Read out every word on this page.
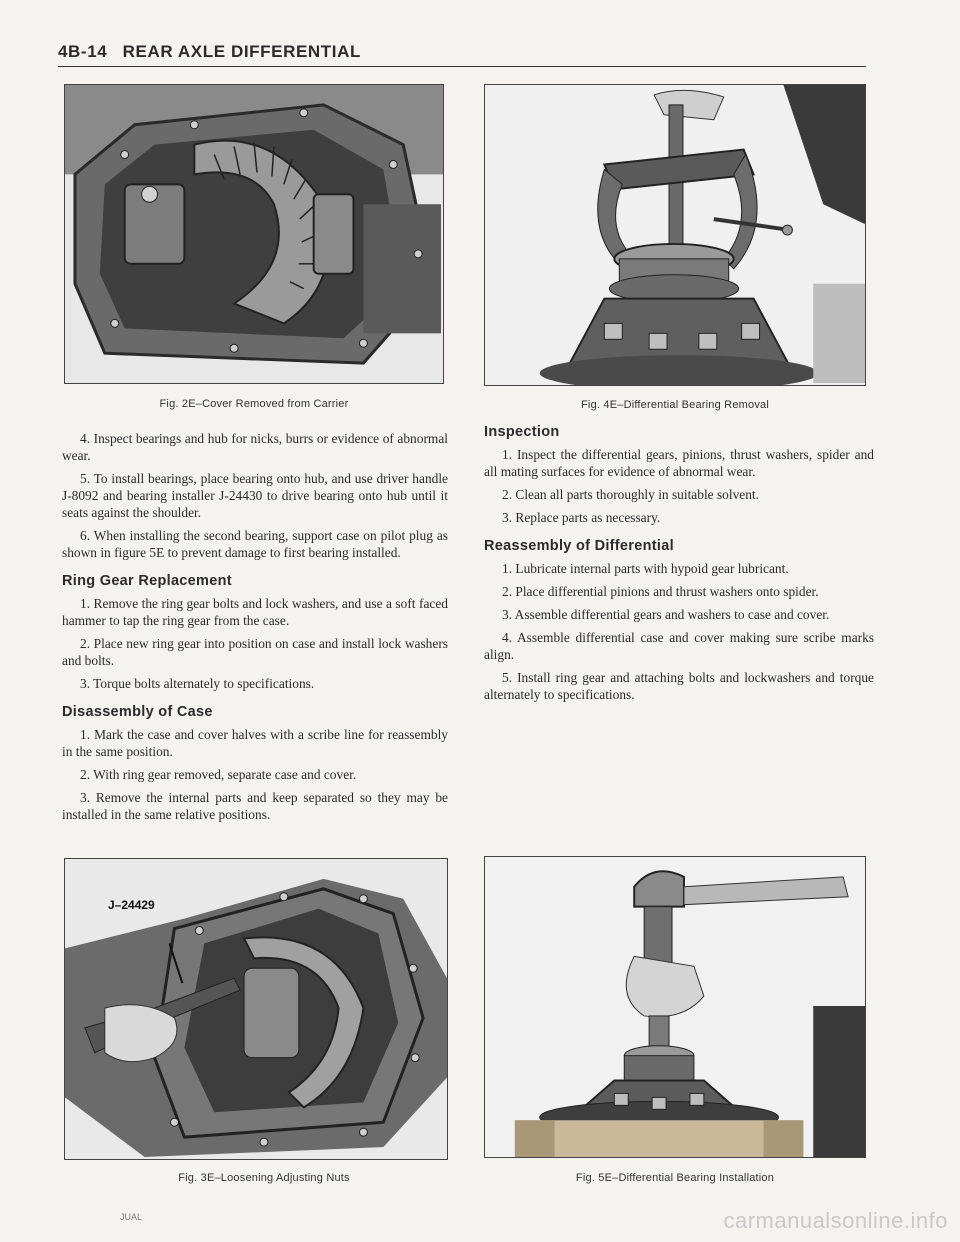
4B-14 REAR AXLE DIFFERENTIAL
Fig. 2E–Cover Removed from Carrier	Fig. 4E–Differential Bearing Removal

4. Inspect bearings and hub for nicks, burrs or evidence of abnormal wear.

5. To install bearings, place bearing onto hub, and use driver handle J-8092 and bearing installer J-24430 to drive bearing onto hub until it seats against the shoulder.

6. When installing the second bearing, support case on pilot plug as shown in figure 5E to prevent damage to first bearing installed.

Ring Gear Replacement

1. Remove the ring gear bolts and lock washers, and use a soft faced hammer to tap the ring gear from the case.

2. Place new ring gear into position on case and install lock washers and bolts.

3. Torque bolts alternately to specifications.

Disassembly of Case

1. Mark the case and cover halves with a scribe line for reassembly in the same position.

2. With ring gear removed, separate case and cover.

3. Remove the internal parts and keep separated so they may be installed in the same relative positions.

Inspection

1. Inspect the differential gears, pinions, thrust washers, spider and all mating surfaces for evidence of abnormal wear.

2. Clean all parts thoroughly in suitable solvent.

3. Replace parts as necessary.

Reassembly of Differential

1. Lubricate internal parts with hypoid gear lubricant.

2. Place differential pinions and thrust washers onto spider.

3. Assemble differential gears and washers to case and cover.

4. Assemble differential case and cover making sure scribe marks align.

5. Install ring gear and attaching bolts and lockwashers and torque alternately to specifications.

J–24429
Fig. 3E–Loosening Adjusting Nuts	Fig. 5E–Differential Bearing Installation
JUAL	carmanualsonline.info
